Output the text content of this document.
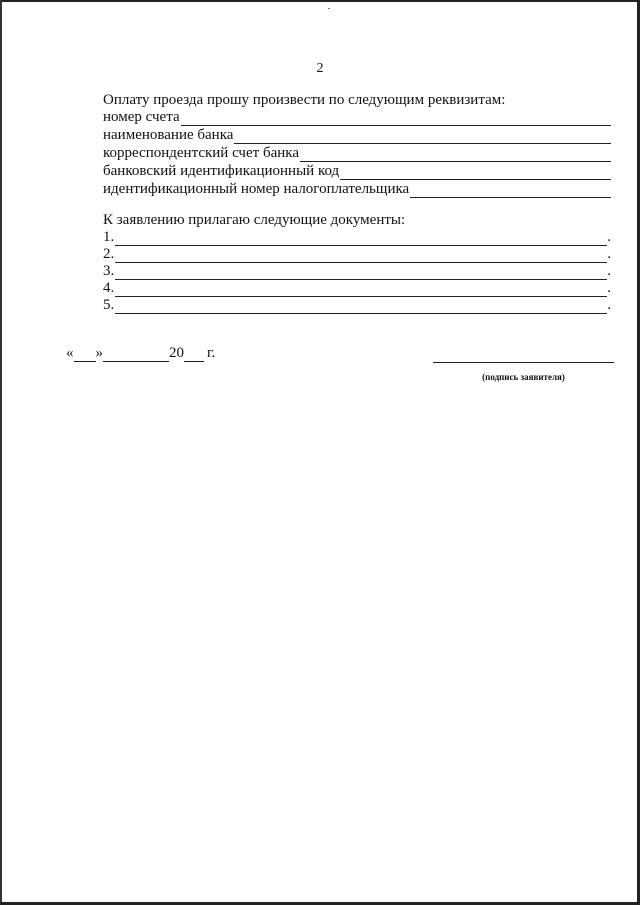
2
Оплату проезда прошу произвести по следующим реквизитам:
номер счета
наименование банка
корреспондентский счет банка
банковский идентификационный код
идентификационный номер налогоплательщика
К заявлению прилагаю следующие документы:
1.	.
2.	.
3.	.
4.	.
5.	.
« »	20 г.
(подпись заявителя)
